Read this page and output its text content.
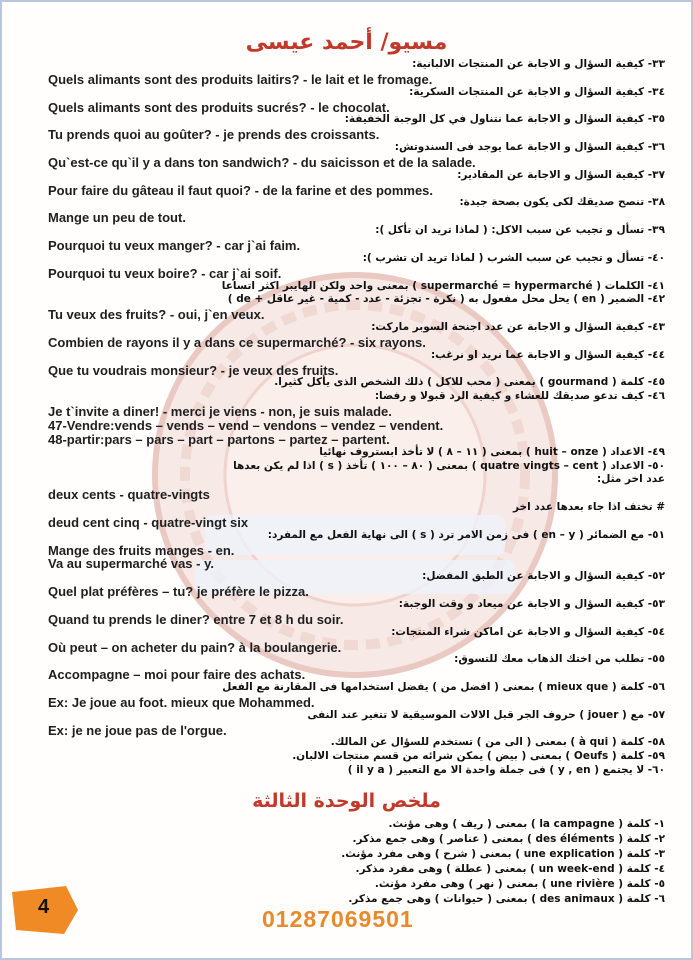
مسيو/ أحمد عيسى
٣٣- كيفية السؤال و الاجابة عن المنتجات الالبانية:
Quels alimants sont des produits laitirs? - le lait et le fromage.
٣٤- كيفية السؤال و الاجابة عن المنتجات السكرية:
Quels alimants sont des produits sucrés? - le chocolat.
٣٥- كيفية السؤال و الاجابة عما نتناول في كل الوجبة الخفيفة:
Tu prends quoi au goûter? - je prends des croissants.
٣٦- كيفية السؤال و الاجابة عما يوجد فى السندوتش:
Qu`est-ce qu`il y a dans ton sandwich? - du saicisson et de la salade.
٣٧- كيفية السؤال و الاجابة عن المقادير:
Pour faire du gâteau il faut quoi? - de la farine et des pommes.
٣٨- تنصح صديقك لكى يكون بصحة جيدة:
Mange un peu de tout.
٣٩- تسأل و تجيب عن سبب الاكل: ( لماذا تريد ان تأكل ):
Pourquoi tu veux manger? - car j`ai faim.
٤٠- تسأل و تجيب عن سبب الشرب ( لماذا تريد ان تشرب ):
Pourquoi tu veux boire? - car j`ai soif.
٤١- الكلمات ( supermarché = hypermarché ) بمعنى واحد ولكن الهايبر اكثر اتساعا
٤٢- الضمير ( en ) يحل محل مفعول به ( نكرة - تجزئة - عدد - كمية - غير عاقل + de )
Tu veux des fruits? - oui, j`en veux.
٤٣- كيفية السؤال و الاجابة عن عدد اجنحة السوبر ماركت:
Combien de rayons il y a dans ce supermarché? - six rayons.
٤٤- كيفية السؤال و الاجابة عما نريد او نرغب:
Que tu voudrais monsieur? - je veux des fruits.
٤٥- كلمة ( gourmand ) بمعنى ( محب للاكل ) ذلك الشخص الذى يأكل كثيرا.
٤٦- كيف تدعو صديقك للعشاء و كيفية الرد قبولا و رفضا:
Je t`invite a diner! - merci je viens - non, je suis malade.
47-Vendre:vends – vends – vend – vendons – vendez – vendent.
48-partir:pars – pars – part – partons – partez – partent.
٤٩- الاعداد ( huit – onze ) بمعنى ( ١١ – ٨ ) لا تأخذ ابستروف نهائيا
٥٠- الاعداد ( quatre vingts – cent ) بمعنى ( ٨٠ – ١٠٠ ) تأخذ ( s ) اذا لم يكن بعدها
عدد اخر مثل:
deux cents - quatre-vingts
# تختف اذا جاء بعدها عدد اخر
deud cent cinq - quatre-vingt six
٥١- مع الضمائر ( en – y ) فى زمن الامر ترد ( s ) الى نهاية الفعل مع المفرد:
Mange des fruits manges - en.
Va au supermarché vas - y.
٥٢- كيفية السؤال و الاجابة عن الطبق المفضل:
Quel plat préfères – tu? je préfère le pizza.
٥٣- كيفية السؤال و الاجابة عن ميعاد و وقت الوجبة:
Quand tu prends le diner? entre 7 et 8 h du soir.
٥٤- كيفية السؤال و الاجابة عن اماكن شراء المنتجات:
Où peut – on acheter du pain? à la boulangerie.
٥٥- تطلب من اختك الذهاب معك للتسوق:
Accompagne – moi pour faire des achats.
٥٦- كلمة ( mieux que ) بمعنى ( افضل من ) يفضل استخدامها فى المقارنة مع الفعل
Ex: Je joue au foot. mieux que Mohammed.
٥٧- مع ( jouer ) حروف الجر قبل الالات الموسيقية لا تتغير عند النفى
Ex: je ne joue pas de l'orgue.
٥٨- كلمة ( à qui ) بمعنى ( الى من ) تستخدم للسؤال عن المالك.
٥٩- كلمة ( Oeufs ) بمعنى ( بيض ) يمكن شرائه من قسم منتجات الالبان.
٦٠- لا يجتمع ( y , en ) فى جملة واحدة الا مع التعبير ( il y a )
ملخص الوحدة الثالثة
١- كلمة ( la campagne ) بمعنى ( ريف ) وهى مؤنث.
٢- كلمة ( des éléments ) بمعنى ( عناصر ) وهى جمع مذكر.
٣- كلمة ( une explication ) بمعنى ( شرح ) وهى مفرد مؤنث.
٤- كلمة ( un week-end ) بمعنى ( عطلة ) وهى مفرد مذكر.
٥- كلمة ( une rivière ) بمعنى ( نهر ) وهى مفرد مؤنث.
٦- كلمة ( des animaux ) بمعنى ( حيوانات ) وهى جمع مذكر.
4	01287069501
